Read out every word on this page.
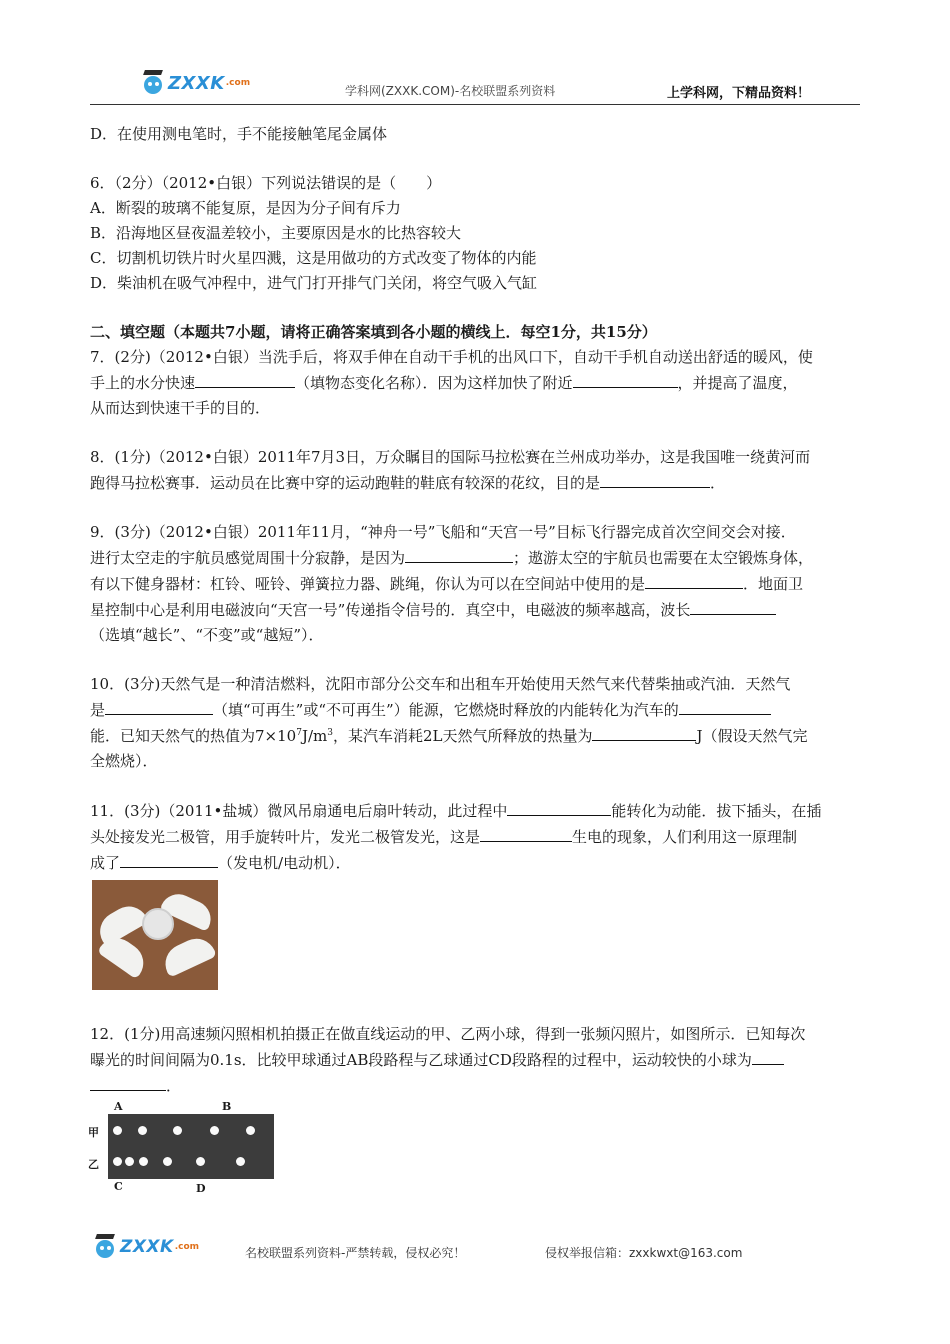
ZXXK .com
学科网(ZXXK.COM)-名校联盟系列资料	上学科网，下精品资料！

D．在使用测电笔时，手不能接触笔尾金属体

6．（2分）（2012•白银）下列说法错误的是（　　）

A．断裂的玻璃不能复原，是因为分子间有斥力

B．沿海地区昼夜温差较小，主要原因是水的比热容较大

C．切割机切铁片时火星四溅，这是用做功的方式改变了物体的内能

D．柴油机在吸气冲程中，进气门打开排气门关闭，将空气吸入气缸

二、填空题（本题共7小题，请将正确答案填到各小题的横线上．每空1分，共15分）

7．(2分)（2012•白银）当洗手后，将双手伸在自动干手机的出风口下，自动干手机自动送出舒适的暖风，使

手上的水分快速	（填物态变化名称）．因为这样加快了附近	，并提高了温度，

从而达到快速干手的目的．

8．(1分)（2012•白银）2011年7月3日，万众瞩目的国际马拉松赛在兰州成功举办，这是我国唯一绕黄河而

跑得马拉松赛事．运动员在比赛中穿的运动跑鞋的鞋底有较深的花纹，目的是	．

9．(3分)（2012•白银）2011年11月，“神舟一号”飞船和“天宫一号”目标飞行器完成首次空间交会对接．

进行太空走的宇航员感觉周围十分寂静，是因为	；遨游太空的宇航员也需要在太空锻炼身体，

有以下健身器材：杠铃、哑铃、弹簧拉力器、跳绳，你认为可以在空间站中使用的是	．地面卫

星控制中心是利用电磁波向“天宫一号”传递指令信号的．真空中，电磁波的频率越高，波长

（选填“越长”、“不变”或“越短”）．

10．(3分)天然气是一种清洁燃料，沈阳市部分公交车和出租车开始使用天然气来代替柴抽或汽油．天然气

是	（填“可再生”或“不可再生”）能源，它燃烧时释放的内能转化为汽车的

能．已知天然气的热值为$7\times 10^7J/m^3$，某汽车消耗2L天然气所释放的热量为	J（假设天然气完

全燃烧）．

11．(3分)（2011•盐城）微风吊扇通电后扇叶转动，此过程中	能转化为动能．拔下插头，在插

头处接发光二极管，用手旋转叶片，发光二极管发光，这是	生电的现象，人们利用这一原理制

成了	（发电机/电动机）．

12．(1分)用高速频闪照相机拍摄正在做直线运动的甲、乙两小球，得到一张频闪照片，如图所示．已知每次

曝光的时间间隔为0.1s．比较甲球通过AB段路程与乙球通过CD段路程的过程中，运动较快的小球为

．

A	B
甲
乙
C	D
ZXXK .com	名校联盟系列资料-严禁转载，侵权必究！	侵权举报信箱：zxxkwxt@163.com
